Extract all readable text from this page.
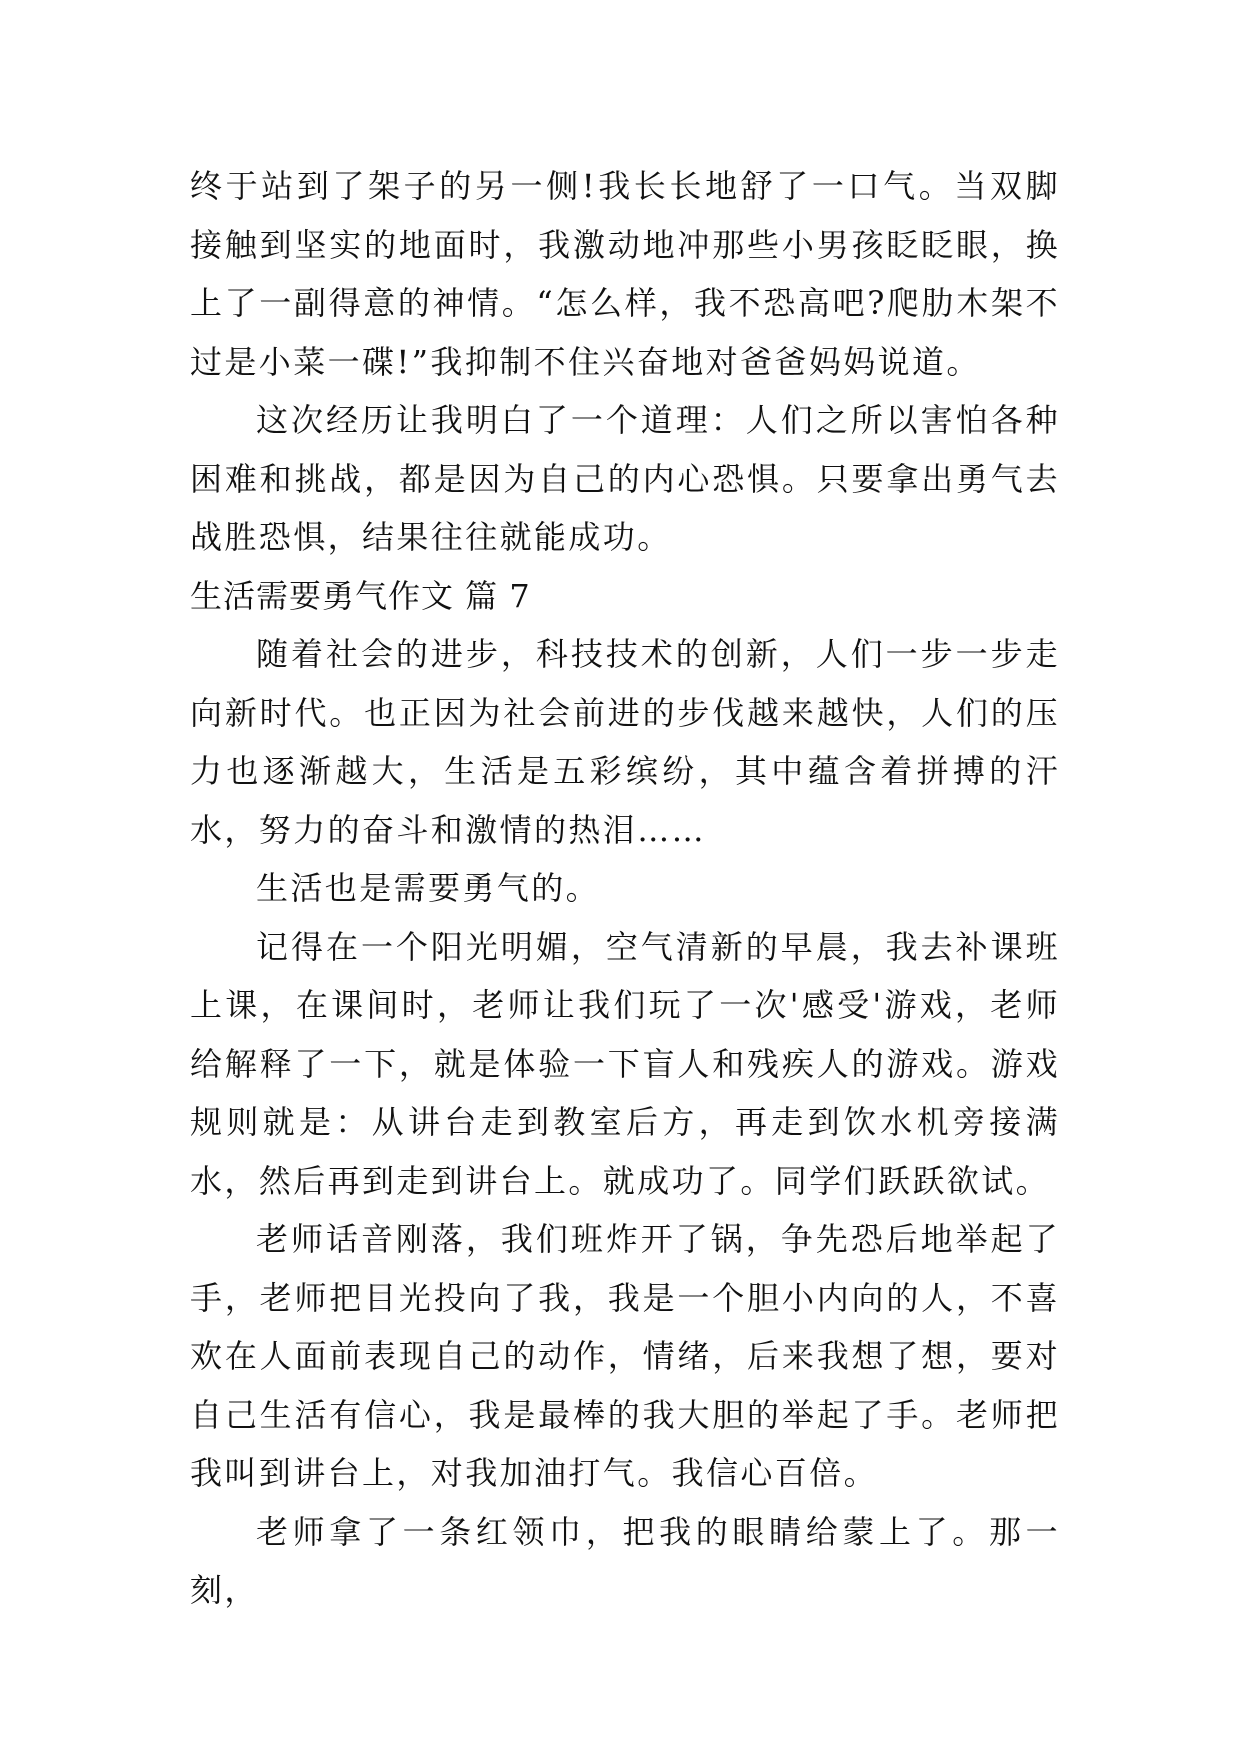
终于站到了架子的另一侧!我长长地舒了一口气。当双脚接触到坚实的地面时，我激动地冲那些小男孩眨眨眼，换上了一副得意的神情。“怎么样，我不恐高吧?爬肋木架不过是小菜一碟!”我抑制不住兴奋地对爸爸妈妈说道。

这次经历让我明白了一个道理：人们之所以害怕各种困难和挑战，都是因为自己的内心恐惧。只要拿出勇气去战胜恐惧，结果往往就能成功。

生活需要勇气作文 篇 7

随着社会的进步，科技技术的创新，人们一步一步走向新时代。也正因为社会前进的步伐越来越快，人们的压力也逐渐越大，生活是五彩缤纷，其中蕴含着拼搏的汗水，努力的奋斗和激情的热泪……

生活也是需要勇气的。

记得在一个阳光明媚，空气清新的早晨，我去补课班上课，在课间时，老师让我们玩了一次'感受'游戏，老师给解释了一下，就是体验一下盲人和残疾人的游戏。游戏规则就是：从讲台走到教室后方，再走到饮水机旁接满水，然后再到走到讲台上。就成功了。同学们跃跃欲试。

老师话音刚落，我们班炸开了锅，争先恐后地举起了手，老师把目光投向了我，我是一个胆小内向的人，不喜欢在人面前表现自己的动作，情绪，后来我想了想，要对自己生活有信心，我是最棒的我大胆的举起了手。老师把我叫到讲台上，对我加油打气。我信心百倍。

老师拿了一条红领巾，把我的眼睛给蒙上了。那一刻，
